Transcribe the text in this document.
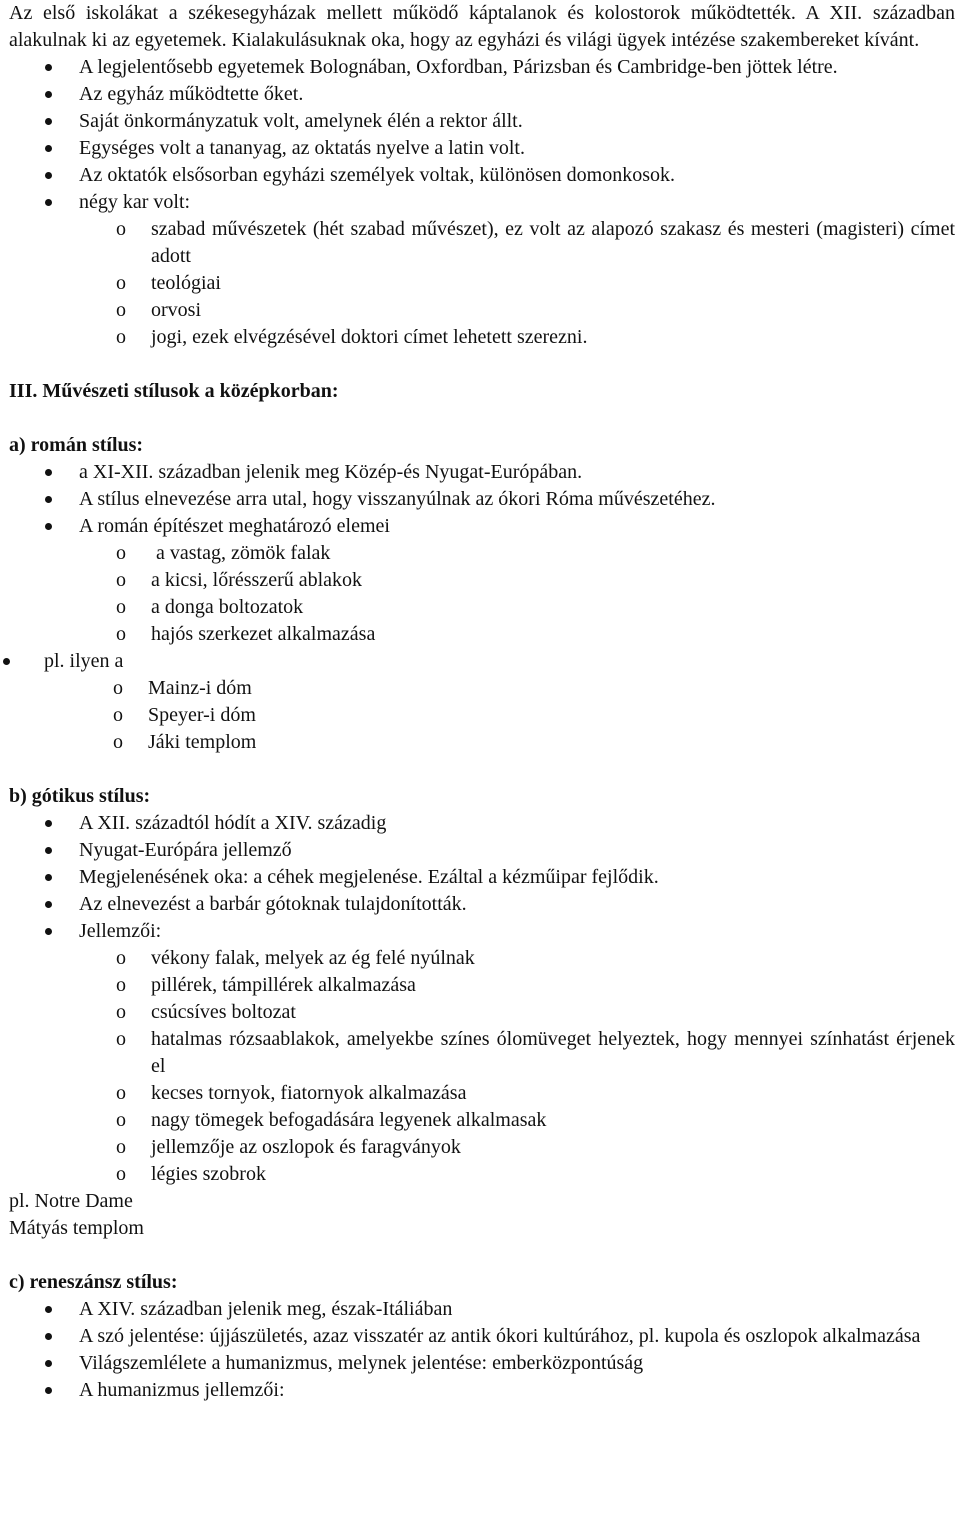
Az első iskolákat a székesegyházak mellett működő káptalanok és kolostorok működtették. A XII. században alakulnak ki az egyetemek. Kialakulásuknak oka, hogy az egyházi és világi ügyek intézése szakembereket kívánt.

A legjelentősebb egyetemek Bolognában, Oxfordban, Párizsban és Cambridge-ben jöttek létre.
Az egyház működtette őket.
Saját önkormányzatuk volt, amelynek élén a rektor állt.
Egységes volt a tananyag, az oktatás nyelve a latin volt.
Az oktatók elsősorban egyházi személyek voltak, különösen domonkosok.
négy kar volt:
o	szabad művészetek (hét szabad művészet), ez volt az alapozó szakasz és mesteri (magisteri) címet adott
o	teológiai
o	orvosi
o	jogi, ezek elvégzésével doktori címet lehetett szerezni.
III. Művészeti stílusok a középkorban:
a) román stílus:
a XI-XII. században jelenik meg Közép-és Nyugat-Európában.
A stílus elnevezése arra utal, hogy visszanyúlnak az ókori Róma művészetéhez.
A román építészet meghatározó elemei
o	a vastag, zömök falak
o	a kicsi, lőrésszerű ablakok
o	a donga boltozatok
o	hajós szerkezet alkalmazása
pl. ilyen a
o	Mainz-i dóm
o	Speyer-i dóm
o	Jáki templom
b) gótikus stílus:
A XII. századtól hódít a XIV. századig
Nyugat-Európára jellemző
Megjelenésének oka: a céhek megjelenése. Ezáltal a kézműipar fejlődik.
Az elnevezést a barbár gótoknak tulajdonították.
Jellemzői:
o	vékony falak, melyek az ég felé nyúlnak
o	pillérek, támpillérek alkalmazása
o	csúcsíves boltozat
o	hatalmas rózsaablakok, amelyekbe színes ólomüveget helyeztek, hogy mennyei színhatást érjenek el
o	kecses tornyok, fiatornyok alkalmazása
o	nagy tömegek befogadására legyenek alkalmasak
o	jellemzője az oszlopok és faragványok
o	légies szobrok
pl. Notre Dame
Mátyás templom
c) reneszánsz stílus:
A XIV. században jelenik meg, észak-Itáliában
A szó jelentése: újjászületés, azaz visszatér az antik ókori kultúrához, pl. kupola és oszlopok alkalmazása
Világszemlélete a humanizmus, melynek jelentése: emberközpontúság
A humanizmus jellemzői:
